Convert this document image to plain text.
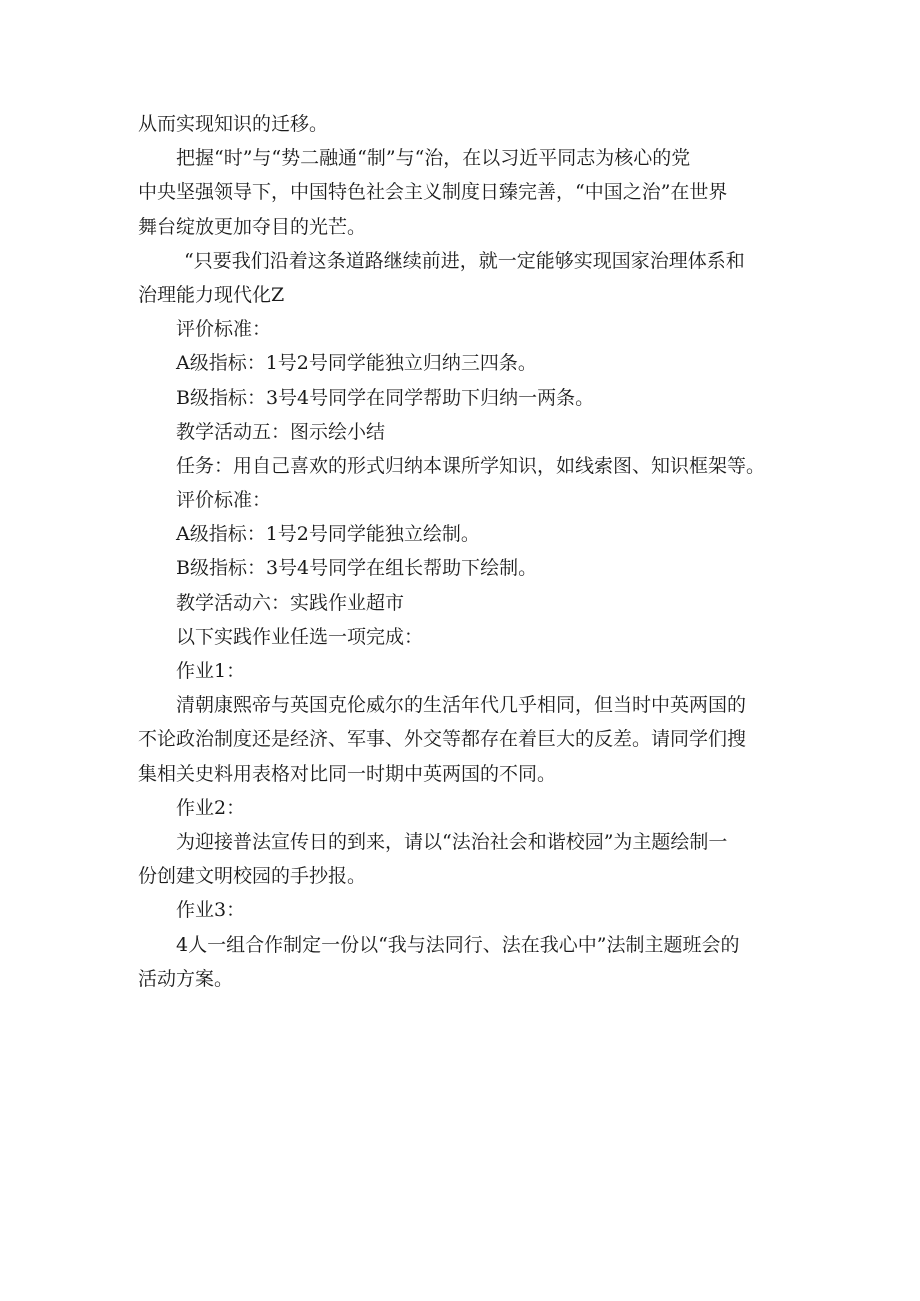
从而实现知识的迁移。

把握“时”与“势二融通“制”与“治，在以习近平同志为核心的党

中央坚强领导下，中国特色社会主义制度日臻完善，“中国之治”在世界

舞台绽放更加夺目的光芒。

“只要我们沿着这条道路继续前进，就一定能够实现国家治理体系和

治理能力现代化Z

评价标准：

A级指标：1号2号同学能独立归纳三四条。

B级指标：3号4号同学在同学帮助下归纳一两条。

教学活动五：图示绘小结

任务：用自己喜欢的形式归纳本课所学知识，如线索图、知识框架等。

评价标准：

A级指标：1号2号同学能独立绘制。

B级指标：3号4号同学在组长帮助下绘制。

教学活动六：实践作业超市

以下实践作业任选一项完成：

作业1：

清朝康熙帝与英国克伦威尔的生活年代几乎相同，但当时中英两国的

不论政治制度还是经济、军事、外交等都存在着巨大的反差。请同学们搜

集相关史料用表格对比同一时期中英两国的不同。

作业2：

为迎接普法宣传日的到来，请以“法治社会和谐校园”为主题绘制一

份创建文明校园的手抄报。

作业3：

4人一组合作制定一份以“我与法同行、法在我心中”法制主题班会的

活动方案。
